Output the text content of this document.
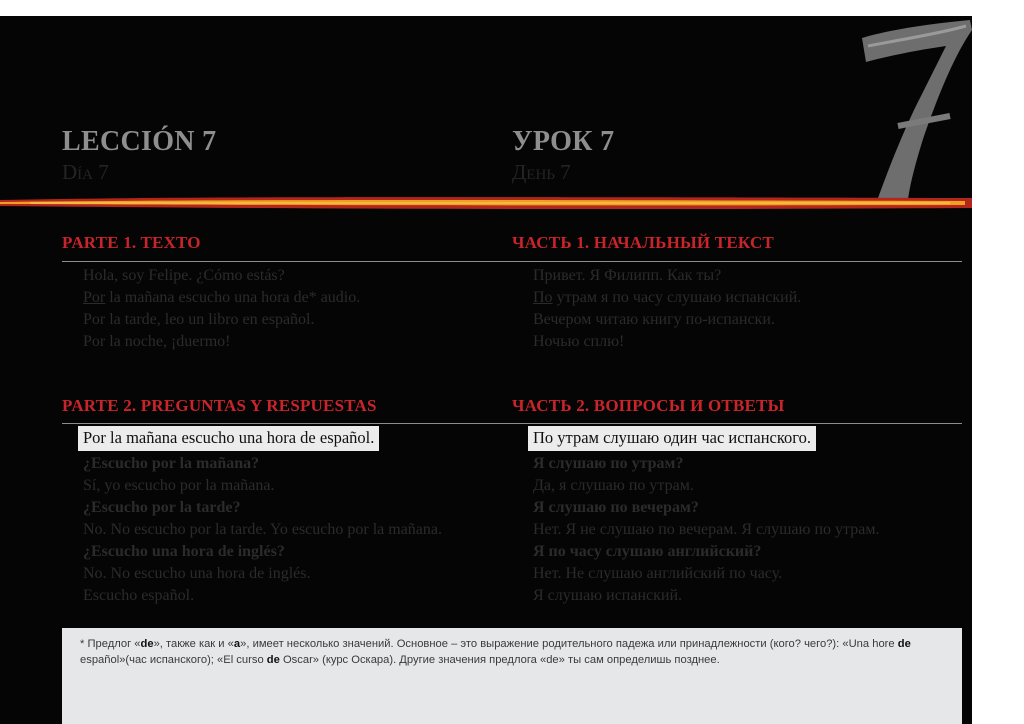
LECCIÓN 7
Día 7
УРОК 7
День 7
PARTE 1. TEXTO	ЧАСТЬ 1. НАЧАЛЬНЫЙ ТЕКСТ
Hola, soy Felipe. ¿Cómo estás?
Por la mañana escucho una hora de* audio.
Por la tarde, leo un libro en español.
Por la noche, ¡duermo!
Привет. Я Филипп. Как ты?
По утрам я по часу слушаю испанский.
Вечером читаю книгу по-испански.
Ночью сплю!
PARTE 2. PREGUNTAS Y RESPUESTAS	ЧАСТЬ 2. ВОПРОСЫ И ОТВЕТЫ
Por la mañana escucho una hora de español.	По утрам слушаю один час испанского.
¿Escucho por la mañana?
Sí, yo escucho por la mañana.
¿Escucho por la tarde?
No. No escucho por la tarde. Yo escucho por la mañana.
¿Escucho una hora de inglés?
No. No escucho una hora de inglés.
Escucho español.
Я слушаю по утрам?
Да, я слушаю по утрам.
Я слушаю по вечерам?
Нет. Я не слушаю по вечерам. Я слушаю по утрам.
Я по часу слушаю английский?
Нет. Не слушаю английский по часу.
Я слушаю испанский.
* Предлог «de», также как и «a», имеет несколько значений. Основное – это выражение родительного падежа или принадлежности (кого? чего?): «Una hore de español»(час испанского); «El curso de Oscar» (курс Оскара). Другие значения предлога «de» ты сам определишь позднее.
